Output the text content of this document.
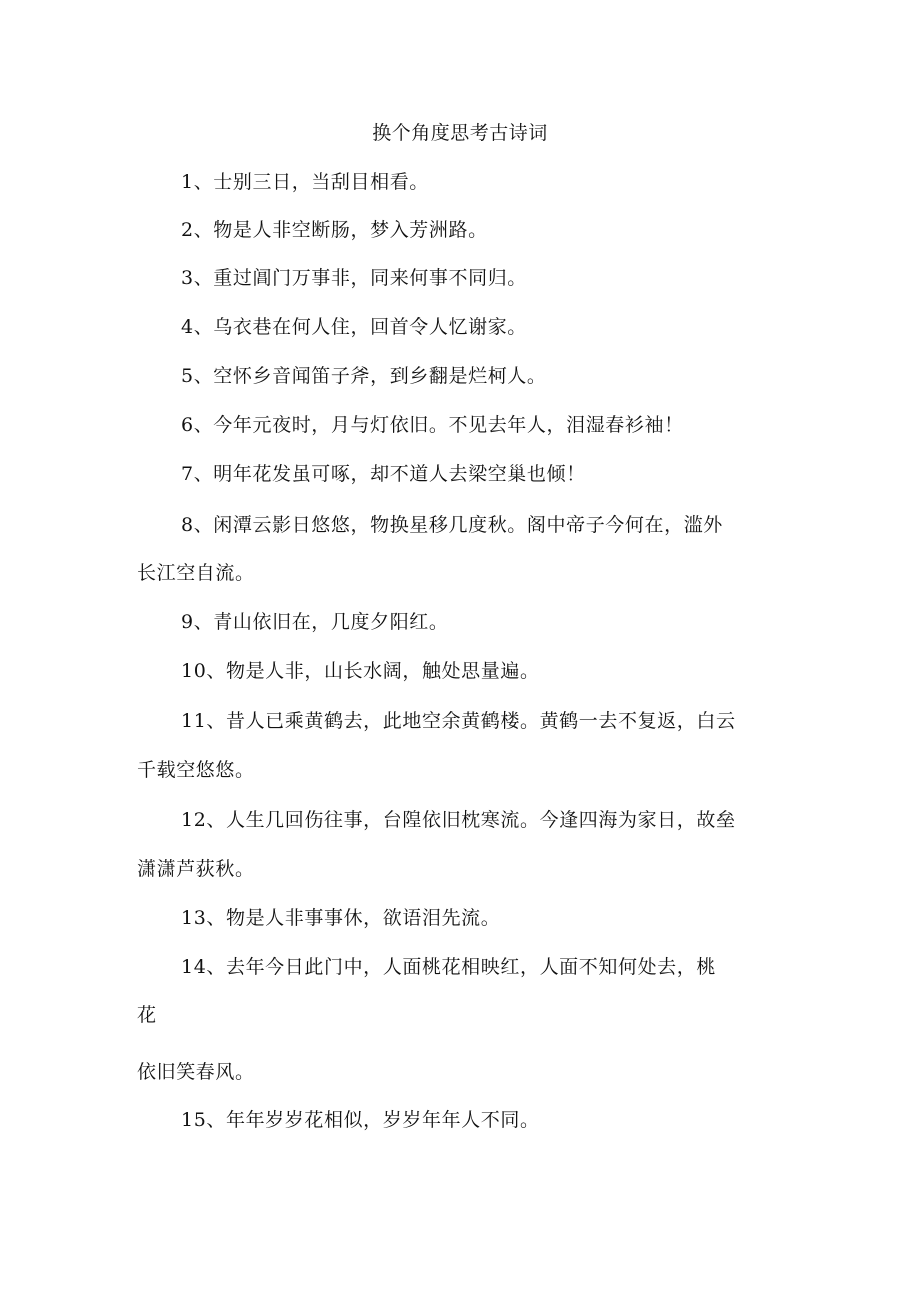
换个角度思考古诗词
1、士别三日，当刮目相看。
2、物是人非空断肠，梦入芳洲路。
3、重过阊门万事非，同来何事不同归。
4、乌衣巷在何人住，回首令人忆谢家。
5、空怀乡音闻笛子斧，到乡翻是烂柯人。
6、今年元夜时，月与灯依旧。不见去年人，泪湿春衫袖！
7、明年花发虽可啄，却不道人去梁空巢也倾！
8、闲潭云影日悠悠，物换星移几度秋。阁中帝子今何在，滥外
长江空自流。
9、青山依旧在，几度夕阳红。
10、物是人非，山长水阔，触处思量遍。
11、昔人已乘黄鹤去，此地空余黄鹤楼。黄鹤一去不复返，白云
千载空悠悠。
12、人生几回伤往事，台隍依旧枕寒流。今逢四海为家日，故垒
潇潇芦荻秋。
13、物是人非事事休，欲语泪先流。
14、去年今日此门中，人面桃花相映红，人面不知何处去，桃
花
依旧笑春风。
15、年年岁岁花相似，岁岁年年人不同。
